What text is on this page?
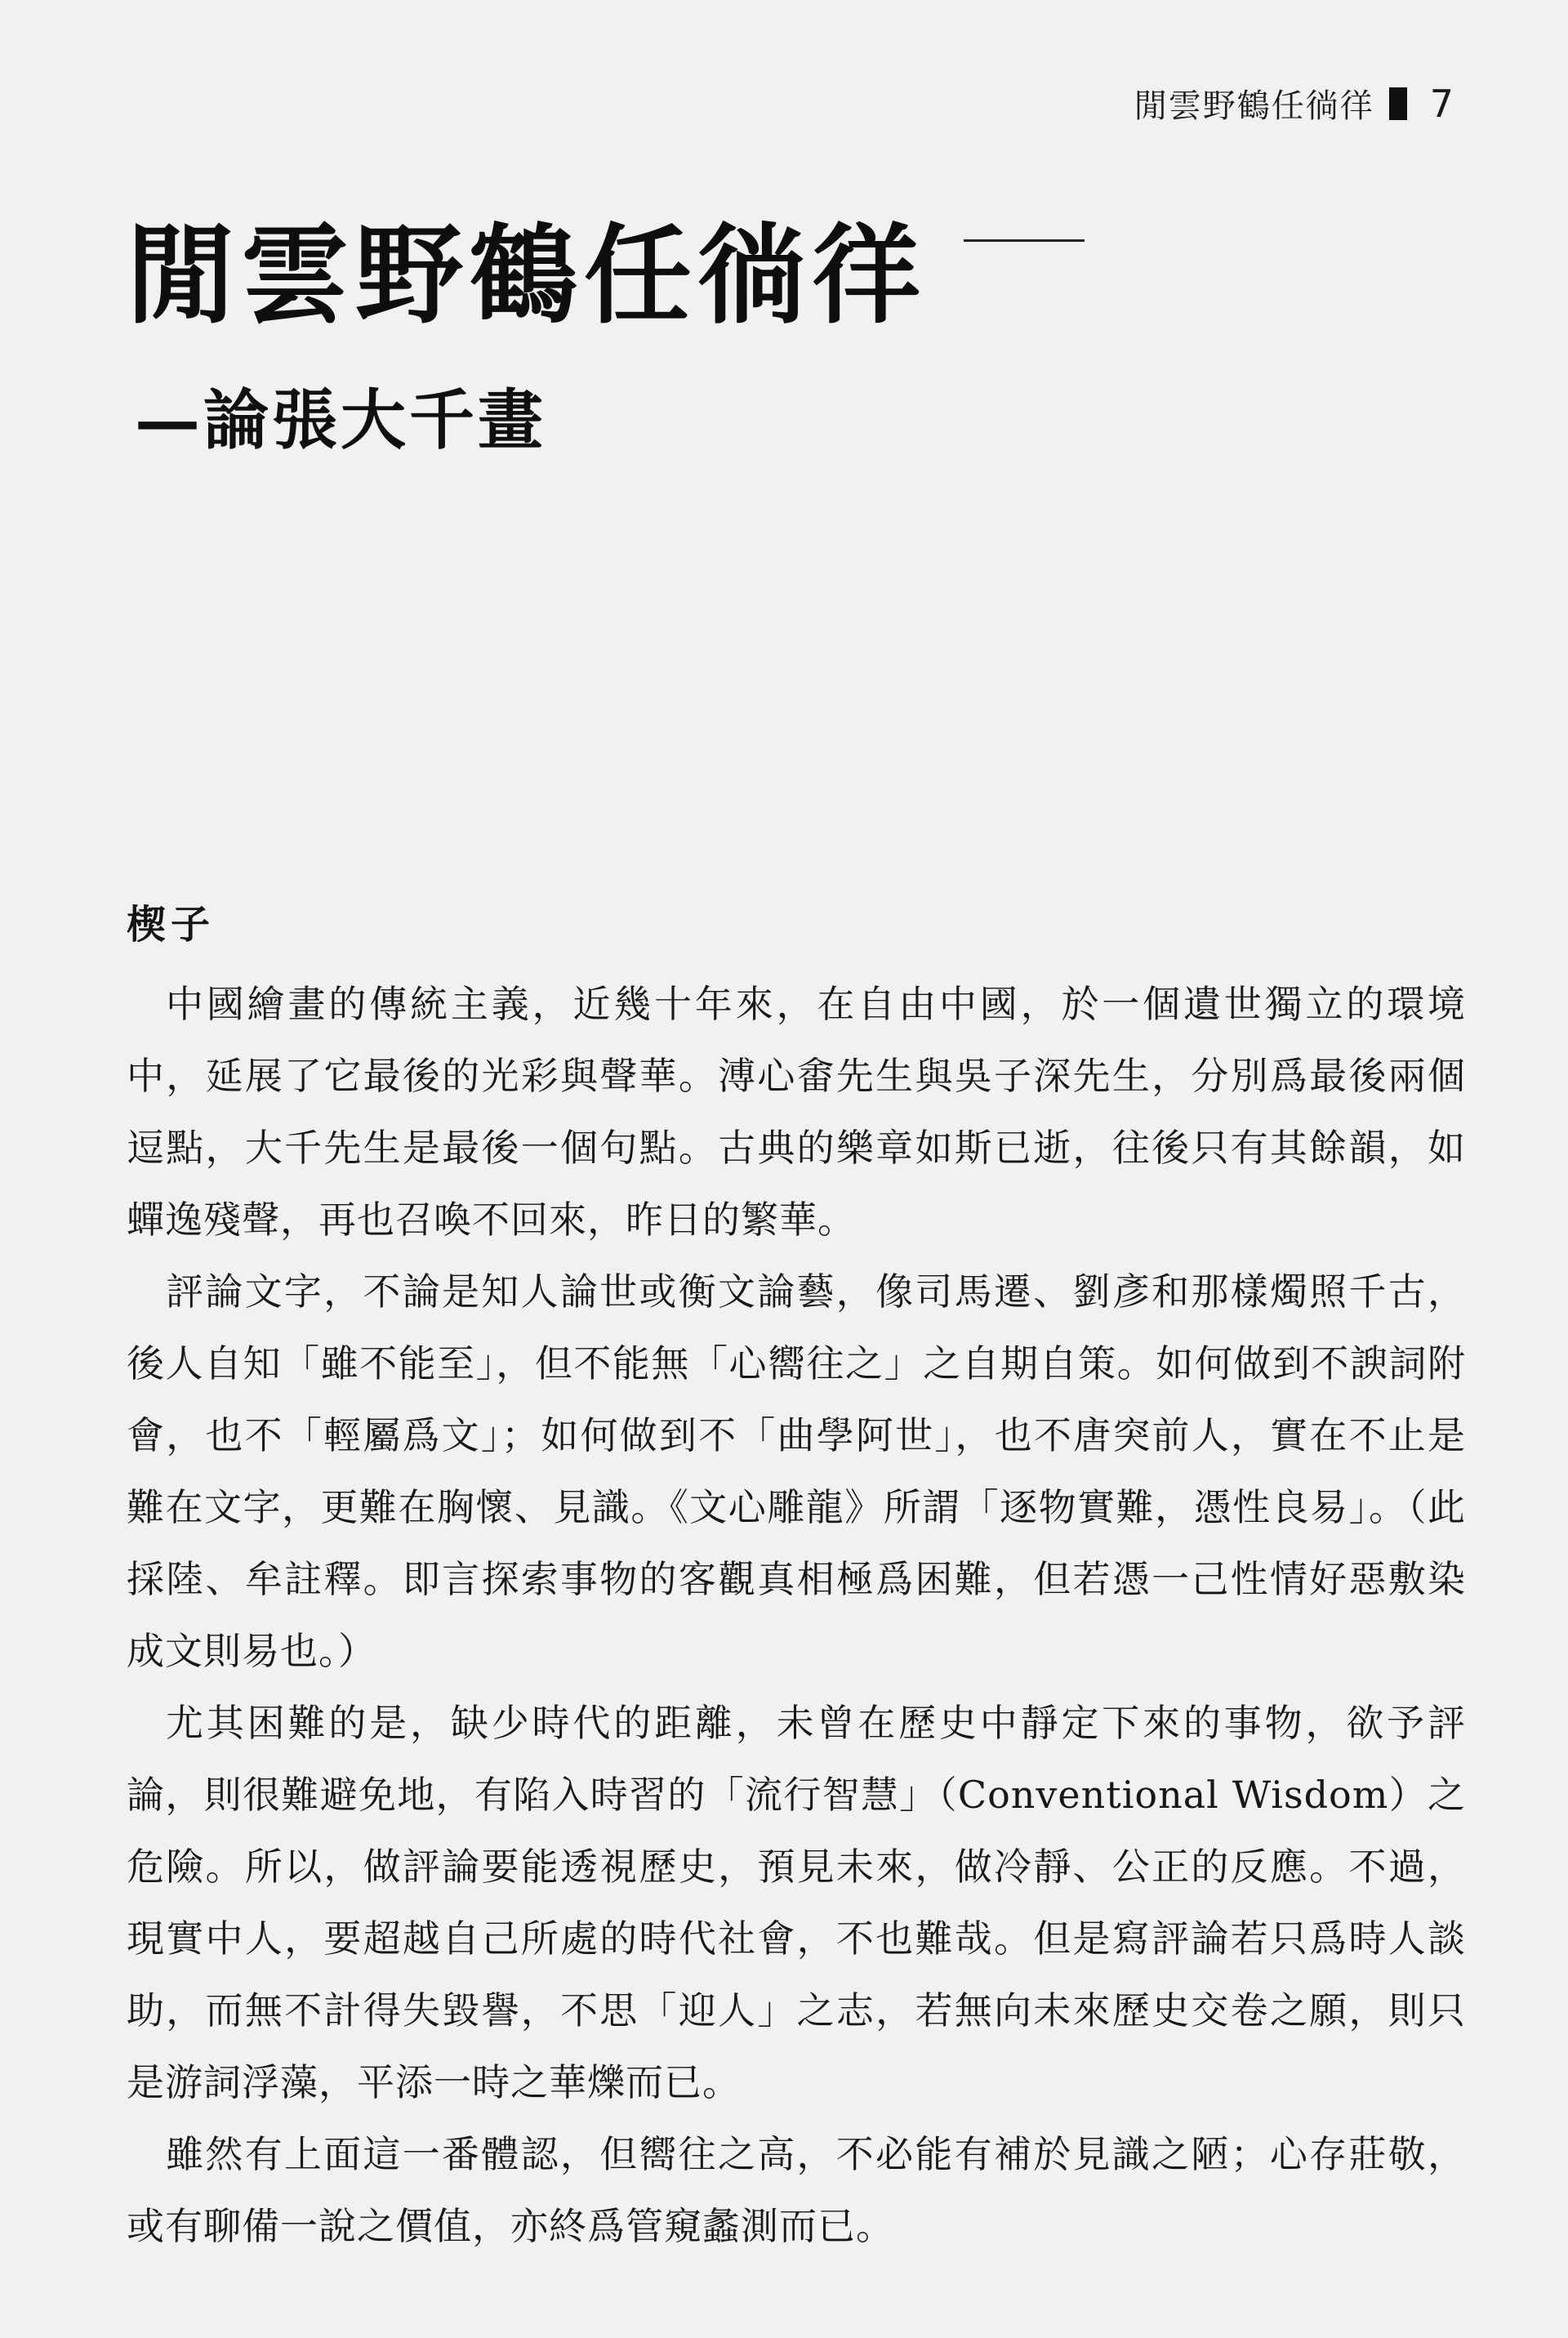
閒雲野鶴任徜徉 7
閒雲野鶴任徜徉
—論張大千畫
楔子

中國繪畫的傳統主義，近幾十年來，在自由中國，於一個遺世獨立的環境中，延展了它最後的光彩與聲華。溥心畬先生與吳子深先生，分別爲最後兩個逗點，大千先生是最後一個句點。古典的樂章如斯已逝，往後只有其餘韻，如蟬逸殘聲，再也召喚不回來，昨日的繁華。

評論文字，不論是知人論世或衡文論藝，像司馬遷、劉彥和那樣燭照千古，後人自知「雖不能至」，但不能無「心嚮往之」之自期自策。如何做到不諛詞附會，也不「輕屬爲文」；如何做到不「曲學阿世」，也不唐突前人，實在不止是難在文字，更難在胸懷、見識。《文心雕龍》所謂「逐物實難，憑性良易」。（此採陸、牟註釋。即言探索事物的客觀真相極爲困難，但若憑一己性情好惡敷染成文則易也。）

尤其困難的是，缺少時代的距離，未曾在歷史中靜定下來的事物，欲予評論，則很難避免地，有陷入時習的「流行智慧」（Conventional Wisdom）之危險。所以，做評論要能透視歷史，預見未來，做冷靜、公正的反應。不過，現實中人，要超越自己所處的時代社會，不也難哉。但是寫評論若只爲時人談助，而無不計得失毀譽，不思「迎人」之志，若無向未來歷史交卷之願，則只是游詞浮藻，平添一時之華爍而已。

雖然有上面這一番體認，但嚮往之高，不必能有補於見識之陋；心存莊敬，或有聊備一說之價值，亦終爲管窺蠡測而已。
